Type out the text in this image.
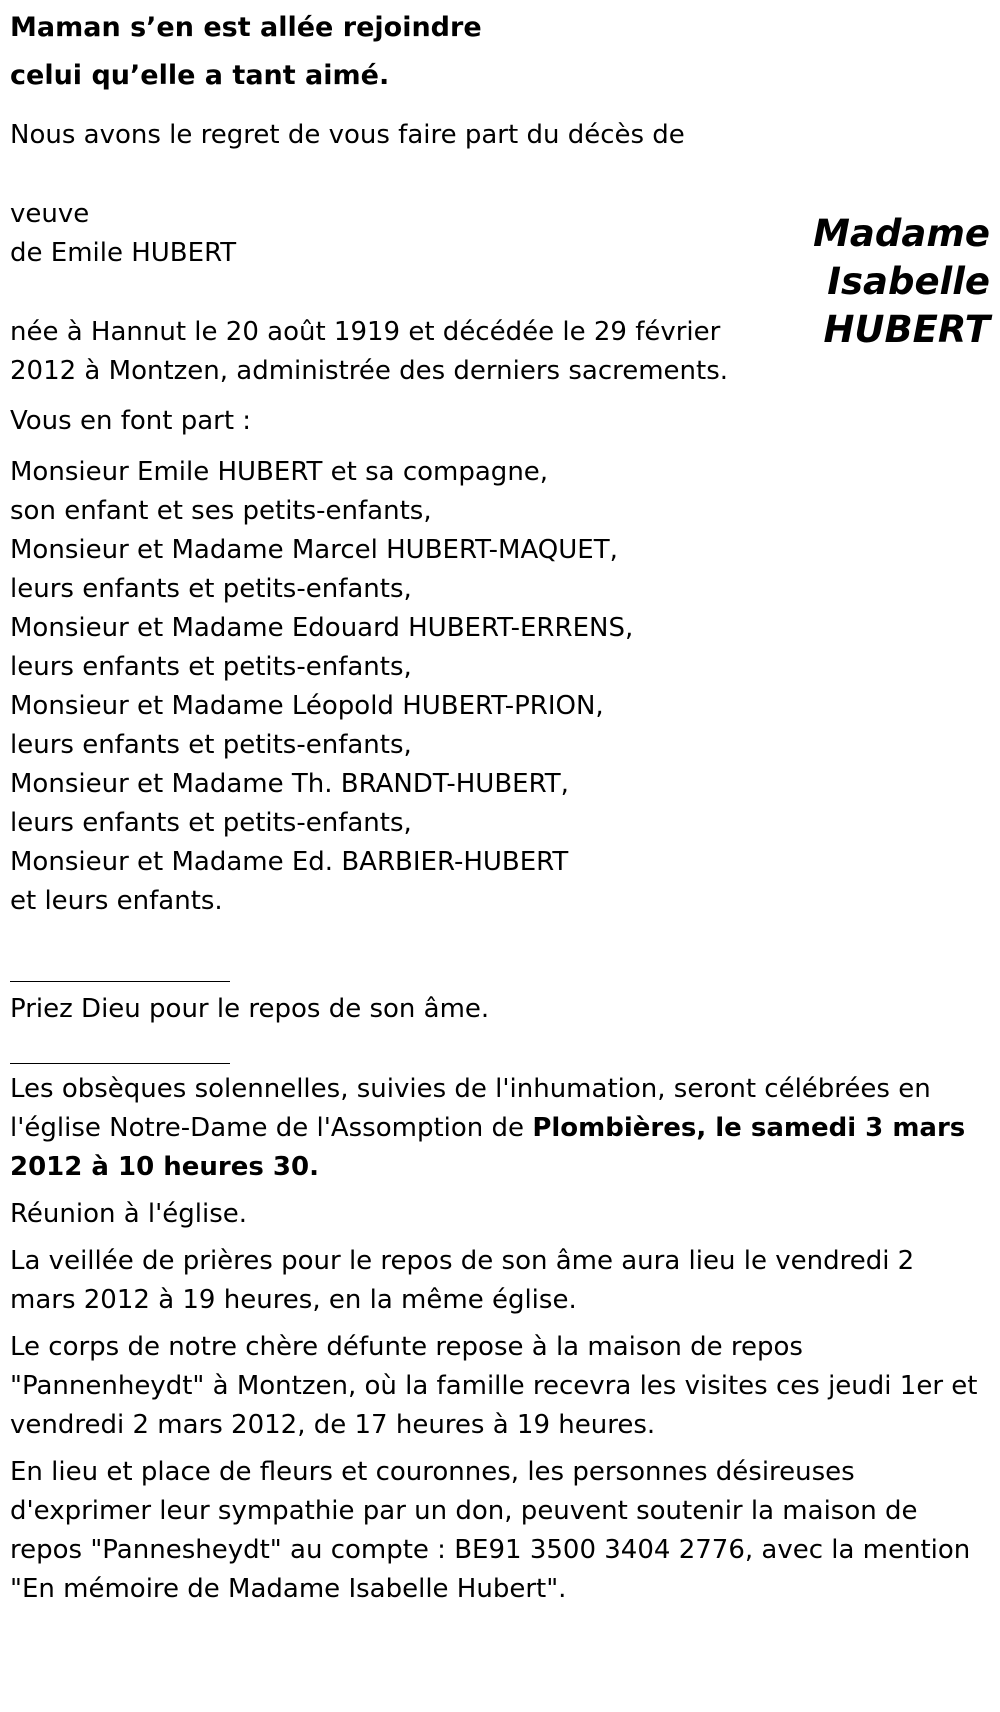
Maman s’en est allée rejoindre

celui qu’elle a tant aimé.

Nous avons le regret de vous faire part du décès de

Madame
Isabelle
HUBERT
veuve
de Emile HUBERT
née à Hannut le 20 août 1919 et décédée le 29 février
2012 à Montzen, administrée des derniers sacrements.

Vous en font part :

Monsieur Emile HUBERT et sa compagne,
son enfant et ses petits-enfants,
Monsieur et Madame Marcel HUBERT-MAQUET,
leurs enfants et petits-enfants,
Monsieur et Madame Edouard HUBERT-ERRENS,
leurs enfants et petits-enfants,
Monsieur et Madame Léopold HUBERT-PRION,
leurs enfants et petits-enfants,
Monsieur et Madame Th. BRANDT-HUBERT,
leurs enfants et petits-enfants,
Monsieur et Madame Ed. BARBIER-HUBERT
et leurs enfants.

Priez Dieu pour le repos de son âme.

Les obsèques solennelles, suivies de l'inhumation, seront célébrées en
l'église Notre-Dame de l'Assomption de Plombières, le samedi 3 mars
2012 à 10 heures 30.

Réunion à l'église.

La veillée de prières pour le repos de son âme aura lieu le vendredi 2
mars 2012 à 19 heures, en la même église.
Le corps de notre chère défunte repose à la maison de repos
"Pannenheydt" à Montzen, où la famille recevra les visites ces jeudi 1er et
vendredi 2 mars 2012, de 17 heures à 19 heures.
En lieu et place de fleurs et couronnes, les personnes désireuses
d'exprimer leur sympathie par un don, peuvent soutenir la maison de
repos "Pannesheydt" au compte : BE91 3500 3404 2776, avec la mention
"En mémoire de Madame Isabelle Hubert".
